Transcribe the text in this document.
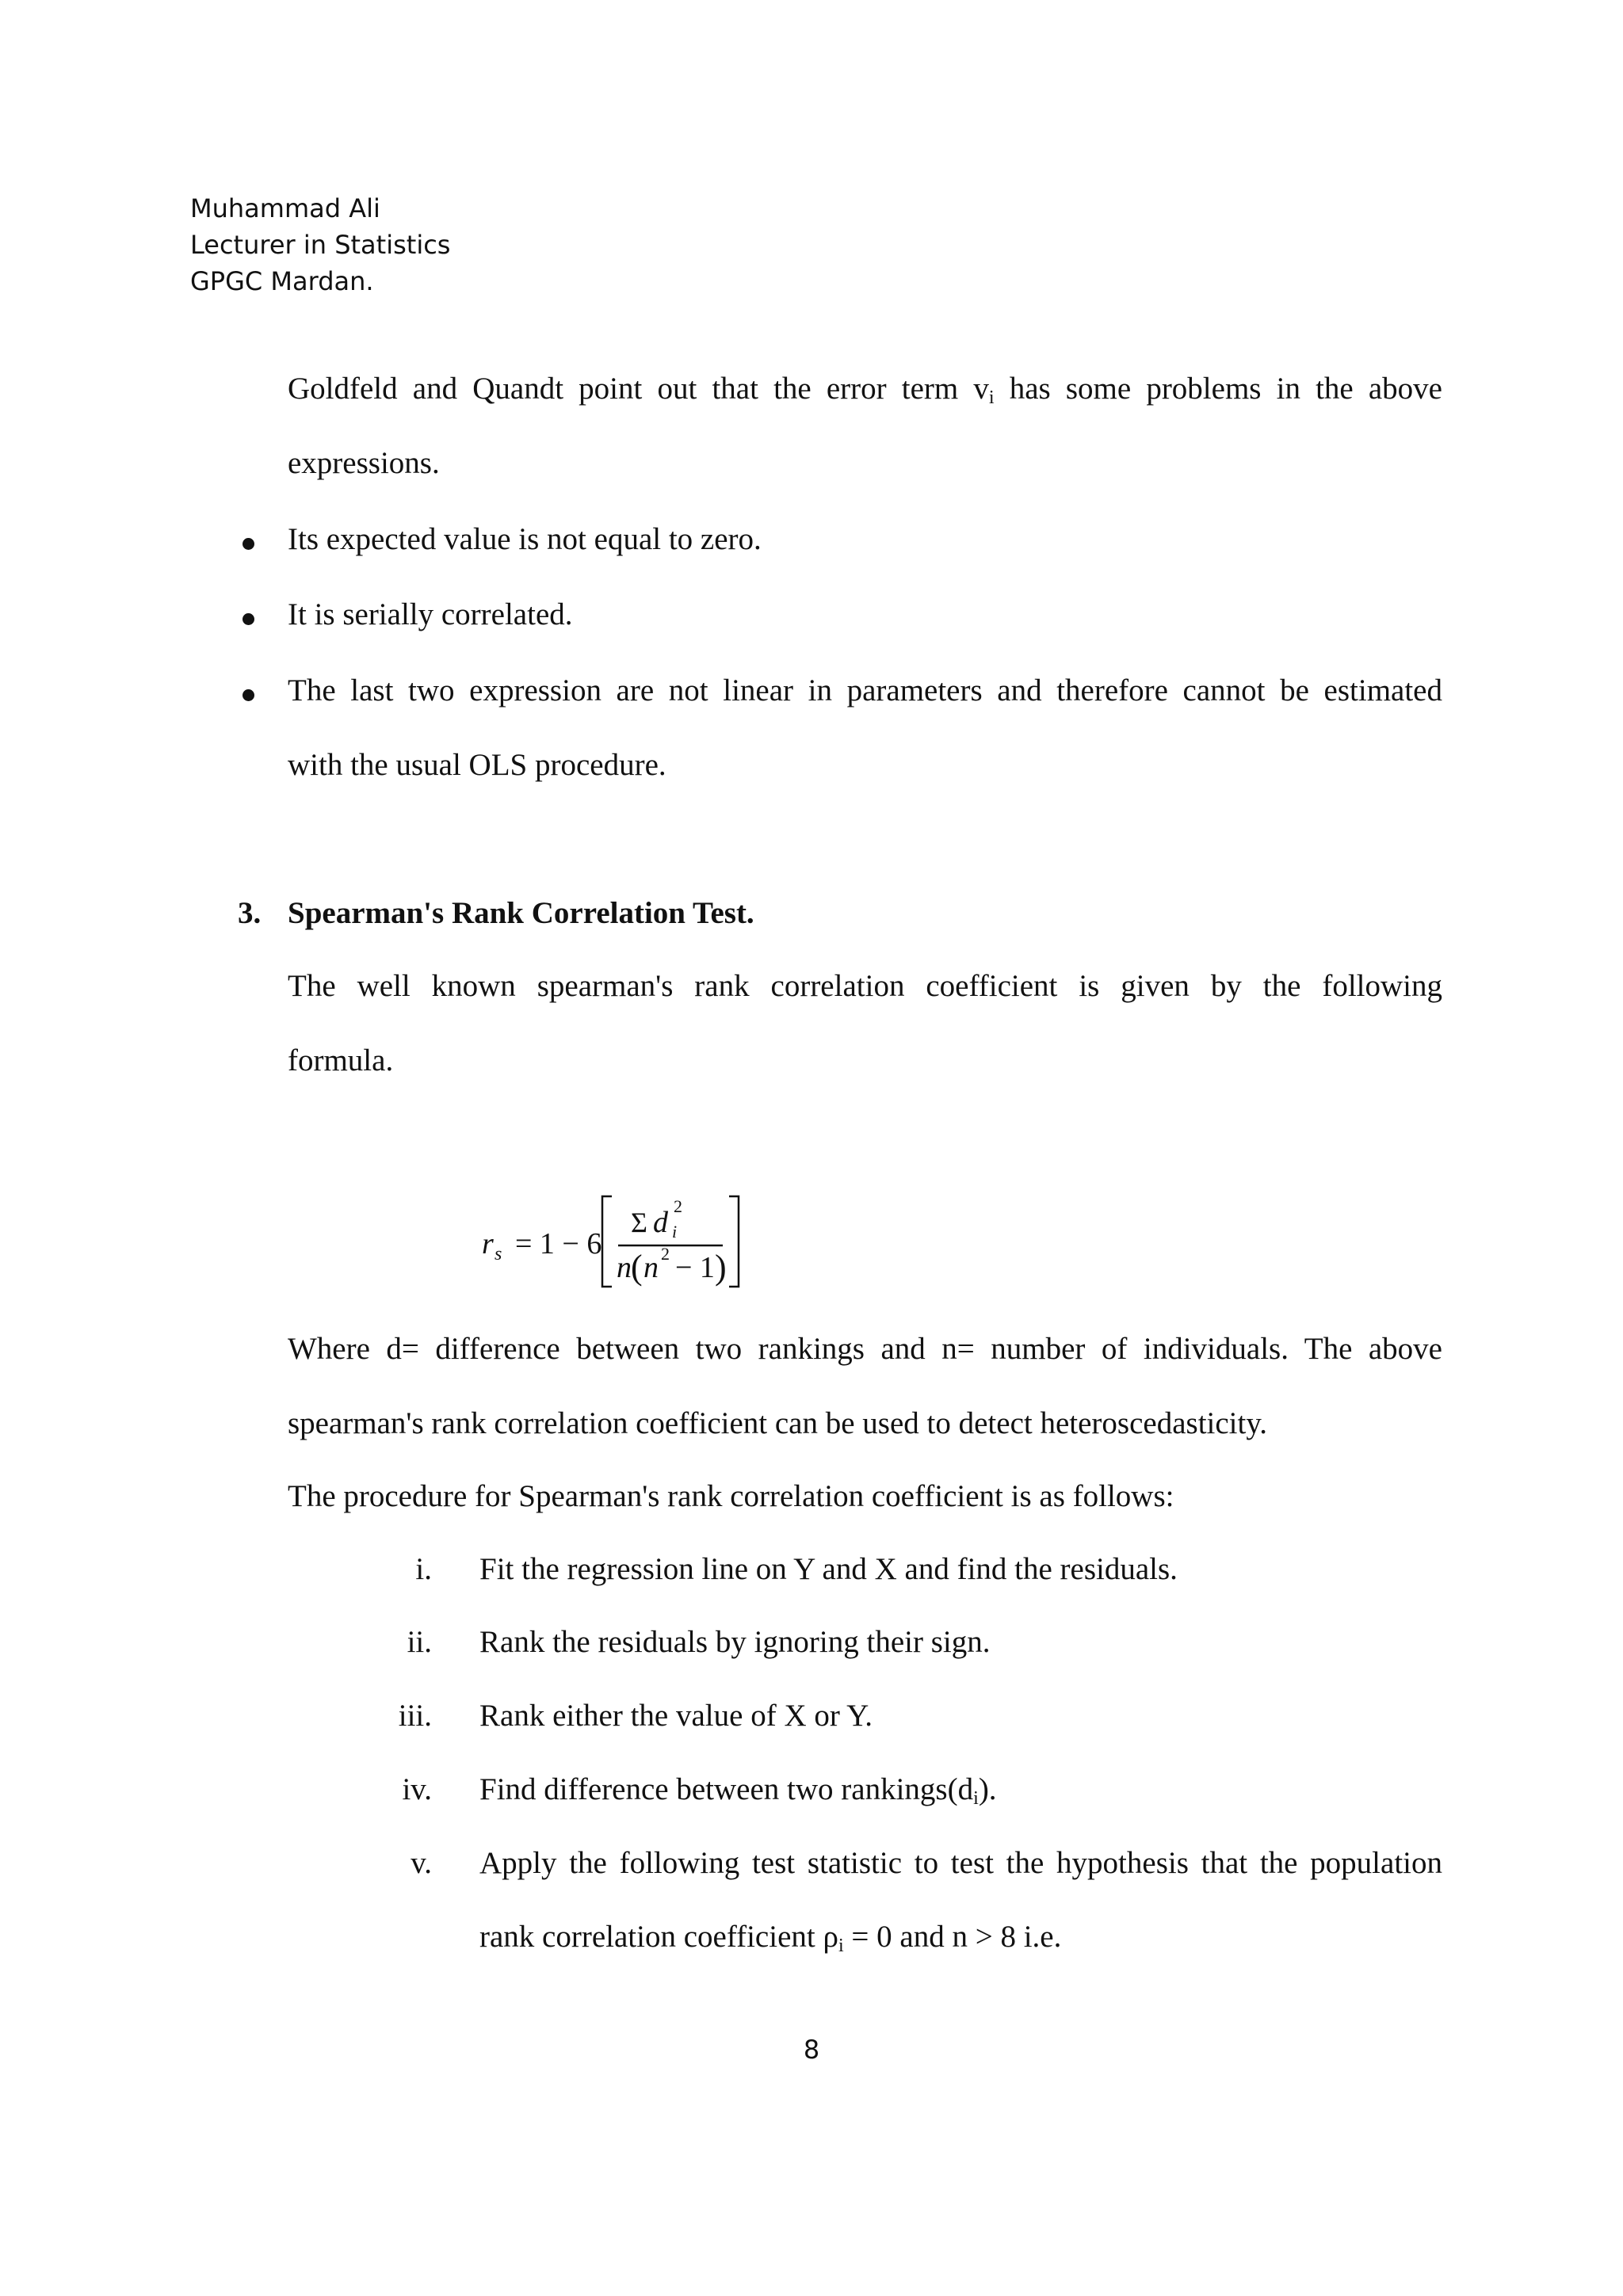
Muhammad Ali
Lecturer in Statistics
GPGC Mardan.
Goldfeld and Quandt point out that the error term $v_i$ has some problems in the above
expressions.
Its expected value is not equal to zero.
It is serially correlated.
The last two expression are not linear in parameters and therefore cannot be estimated
with the usual OLS procedure.
3. Spearman's Rank Correlation Test.
The well known spearman's rank correlation coefficient is given by the following
formula.
r s = 1 − 6
Σ d i
2
n ( n 2 − 1 )
Where d= difference between two rankings and n= number of individuals. The above
spearman's rank correlation coefficient can be used to detect heteroscedasticity.
The procedure for Spearman's rank correlation coefficient is as follows:
i. Fit the regression line on Y and X and find the residuals.
ii. Rank the residuals by ignoring their sign.
iii. Rank either the value of X or Y.
iv. Find difference between two $rankings(d_i)$.
v. Apply the following test statistic to test the hypothesis that the population
rank correlation coefficient $\rho_i = 0$ and n > 8 i.e.
8
